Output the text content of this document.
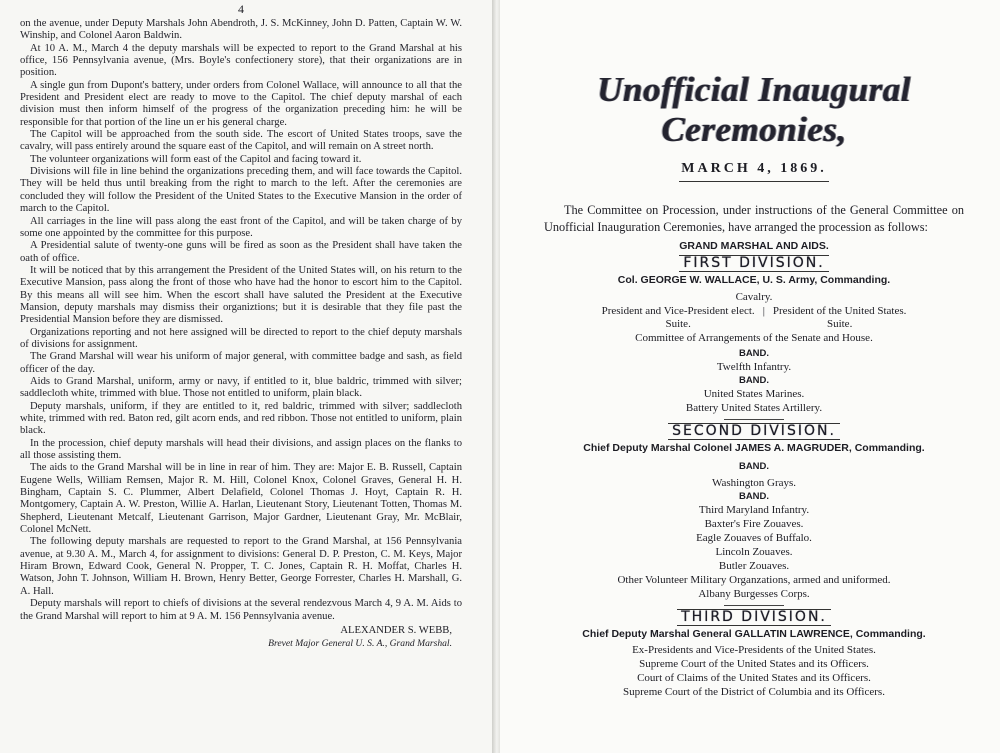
4

on the avenue, under Deputy Marshals John Abendroth, J. S. McKinney, John D. Patten, Captain W. W. Winship, and Colonel Aaron Baldwin.

At 10 A. M., March 4 the deputy marshals will be expected to report to the Grand Marshal at his office, 156 Pennsylvania avenue, (Mrs. Boyle's confectionery store), that their organizations are in position.

A single gun from Dupont's battery, under orders from Colonel Wallace, will announce to all that the President and President elect are ready to move to the Capitol. The chief deputy marshal of each division must then inform himself of the progress of the organization preceding him: he will be responsible for that portion of the line un er his general charge.

The Capitol will be approached from the south side. The escort of United States troops, save the cavalry, will pass entirely around the square east of the Capitol, and will remain on A street north.

The volunteer organizations will form east of the Capitol and facing toward it.

Divisions will file in line behind the organizations preceding them, and will face towards the Capitol. They will be held thus until breaking from the right to march to the left. After the ceremonies are concluded they will follow the President of the United States to the Executive Mansion in the order of march to the Capitol.

All carriages in the line will pass along the east front of the Capitol, and will be taken charge of by some one appointed by the committee for this purpose.

A Presidential salute of twenty-one guns will be fired as soon as the President shall have taken the oath of office.

It will be noticed that by this arrangement the President of the United States will, on his return to the Executive Mansion, pass along the front of those who have had the honor to escort him to the Capitol. By this means all will see him. When the escort shall have saluted the President at the Executive Mansion, deputy marshals may dismiss their organiztions; but it is desirable that they file past the Presidential Mansion before they are dismissed.

Organizations reporting and not here assigned will be directed to report to the chief deputy marshals of divisions for assignment.

The Grand Marshal will wear his uniform of major general, with committee badge and sash, as field officer of the day.

Aids to Grand Marshal, uniform, army or navy, if entitled to it, blue baldric, trimmed with silver; saddlecloth white, trimmed with blue. Those not entitled to uniform, plain black.

Deputy marshals, uniform, if they are entitled to it, red baldric, trimmed with silver; saddlecloth white, trimmed with red. Baton red, gilt acorn ends, and red ribbon. Those not entitled to uniform, plain black.

In the procession, chief deputy marshals will head their divisions, and assign places on the flanks to all those assisting them.

The aids to the Grand Marshal will be in line in rear of him. They are: Major E. B. Russell, Captain Eugene Wells, William Remsen, Major R. M. Hill, Colonel Knox, Colonel Graves, General H. H. Bingham, Captain S. C. Plummer, Albert Delafield, Colonel Thomas J. Hoyt, Captain R. H. Montgomery, Captain A. W. Preston, Willie A. Harlan, Lieutenant Story, Lieutenant Totten, Thomas M. Shepherd, Lieutenant Metcalf, Lieutenant Garrison, Major Gardner, Lieutenant Gray, Mr. McBlair, Colonel McNett.

The following deputy marshals are requested to report to the Grand Marshal, at 156 Pennsylvania avenue, at 9.30 A. M., March 4, for assignment to divisions: General D. P. Preston, C. M. Keys, Major Hiram Brown, Edward Cook, General N. Propper, T. C. Jones, Captain R. H. Moffat, Charles H. Watson, John T. Johnson, William H. Brown, Henry Better, George Forrester, Charles H. Marshall, G. A. Hall.

Deputy marshals will report to chiefs of divisions at the several rendezvous March 4, 9 A. M. Aids to the Grand Marshal will report to him at 9 A. M. 156 Pennsylvania avenue.

ALEXANDER S. WEBB,
Brevet Major General U. S. A., Grand Marshal.
Unofficial Inaugural Ceremonies,
MARCH 4, 1869.
The Committee on Procession, under instructions of the General Committee on Unofficial Inauguration Ceremonies, have arranged the procession as follows:
GRAND MARSHAL AND AIDS.
FIRST DIVISION.
Col. GEORGE W. WALLACE, U. S. Army, Commanding.
Cavalry.
President and Vice-President elect.
Suite.
| President of the United States.
Suite.
Committee of Arrangements of the Senate and House.
BAND.
Twelfth Infantry.
BAND.
United States Marines.
Battery United States Artillery.
SECOND DIVISION.
Chief Deputy Marshal Colonel JAMES A. MAGRUDER, Commanding.
BAND.
Washington Grays.
BAND.
Third Maryland Infantry.
Baxter's Fire Zouaves.
Eagle Zouaves of Buffalo.
Lincoln Zouaves.
Butler Zouaves.
Other Volunteer Military Organzations, armed and uniformed.
Albany Burgesses Corps.
THIRD DIVISION.
Chief Deputy Marshal General GALLATIN LAWRENCE, Commanding.
Ex-Presidents and Vice-Presidents of the United States.
Supreme Court of the United States and its Officers.
Court of Claims of the United States and its Officers.
Supreme Court of the District of Columbia and its Officers.
